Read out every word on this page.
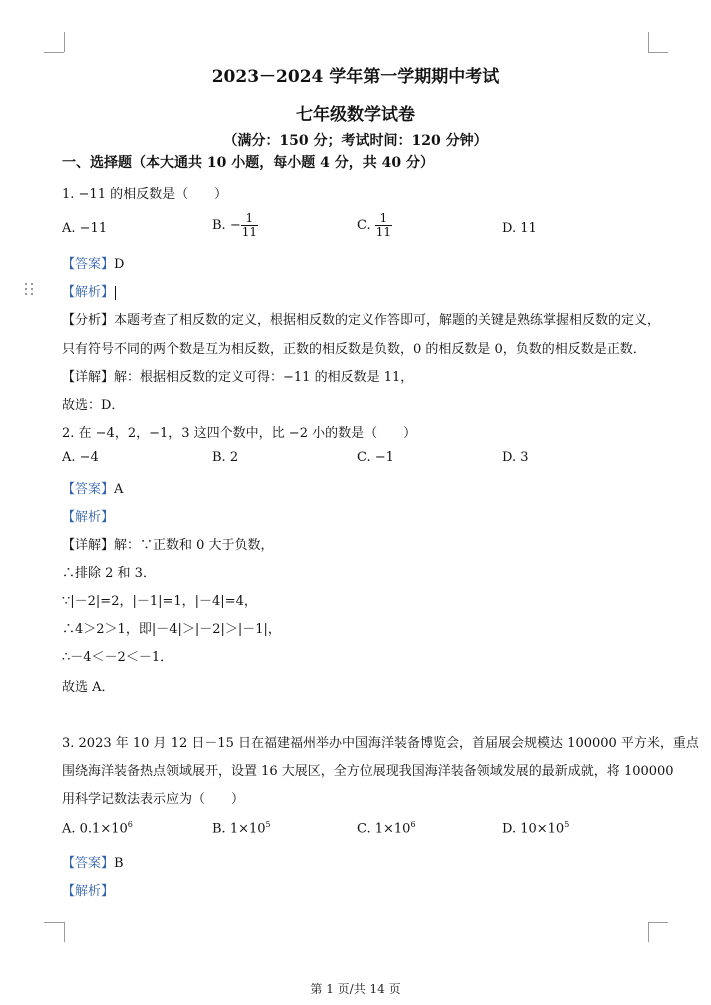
2023－2024 学年第一学期期中考试
七年级数学试卷
（满分：150 分；考试时间：120 分钟）
一、选择题（本大通共 10 小题，每小题 4 分，共 40 分）
1. −11 的相反数是（　　）
A. −11	B. − $\frac{1}{11}$	C. $\frac{1}{11}$	D. 11
【答案】D
【解析】
【分析】本题考查了相反数的定义，根据相反数的定义作答即可，解题的关键是熟练掌握相反数的定义，
只有符号不同的两个数是互为相反数，正数的相反数是负数，0 的相反数是 0，负数的相反数是正数．
【详解】解：根据相反数的定义可得：−11 的相反数是 11，
故选：D．
2. 在 −4，2，−1，3 这四个数中，比 −2 小的数是（　　）
A. −4	B. 2	C. −1	D. 3
【答案】A
【解析】
【详解】解：∵正数和 0 大于负数，
∴排除 2 和 3．
∵|－2|=2，|－1|=1，|－4|=4，
∴4＞2＞1，即|－4|＞|－2|＞|－1|，
∴－4＜－2＜－1．
故选 A．
3. 2023 年 10 月 12 日－15 日在福建福州举办中国海洋装备博览会，首届展会规模达 100000 平方米，重点
围绕海洋装备热点领域展开，设置 16 大展区，全方位展现我国海洋装备领域发展的最新成就，将 100000
用科学记数法表示应为（　　）
A. $0.1\times 10^6$	B. $1\times 10^5$	C. $1\times 10^6$	D. $10\times 10^5$
【答案】B
【解析】
第 1 页/共 14 页
